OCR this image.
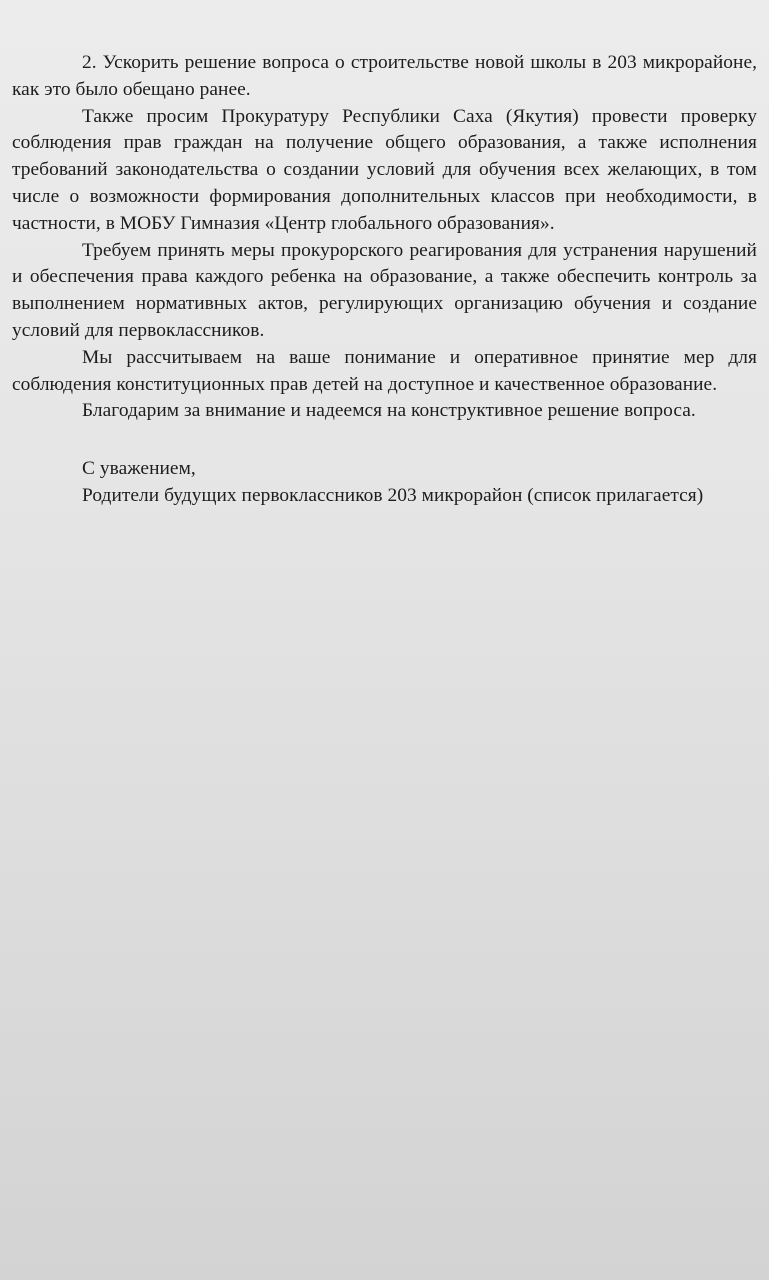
2. Ускорить решение вопроса о строительстве новой школы в 203 микрорайоне, как это было обещано ранее.

Также просим Прокуратуру Республики Саха (Якутия) провести проверку соблюдения прав граждан на получение общего образования, а также исполнения требований законодательства о создании условий для обучения всех желающих, в том числе о возможности формирования дополнительных классов при необходимости, в частности, в МОБУ Гимназия «Центр глобального образования».

Требуем принять меры прокурорского реагирования для устранения нарушений и обеспечения права каждого ребенка на образование, а также обеспечить контроль за выполнением нормативных актов, регулирующих организацию обучения и создание условий для первоклассников.

Мы рассчитываем на ваше понимание и оперативное принятие мер для соблюдения конституционных прав детей на доступное и качественное образование.

Благодарим за внимание и надеемся на конструктивное решение вопроса.

С уважением,

Родители будущих первоклассников 203 микрорайон (список прилагается)
